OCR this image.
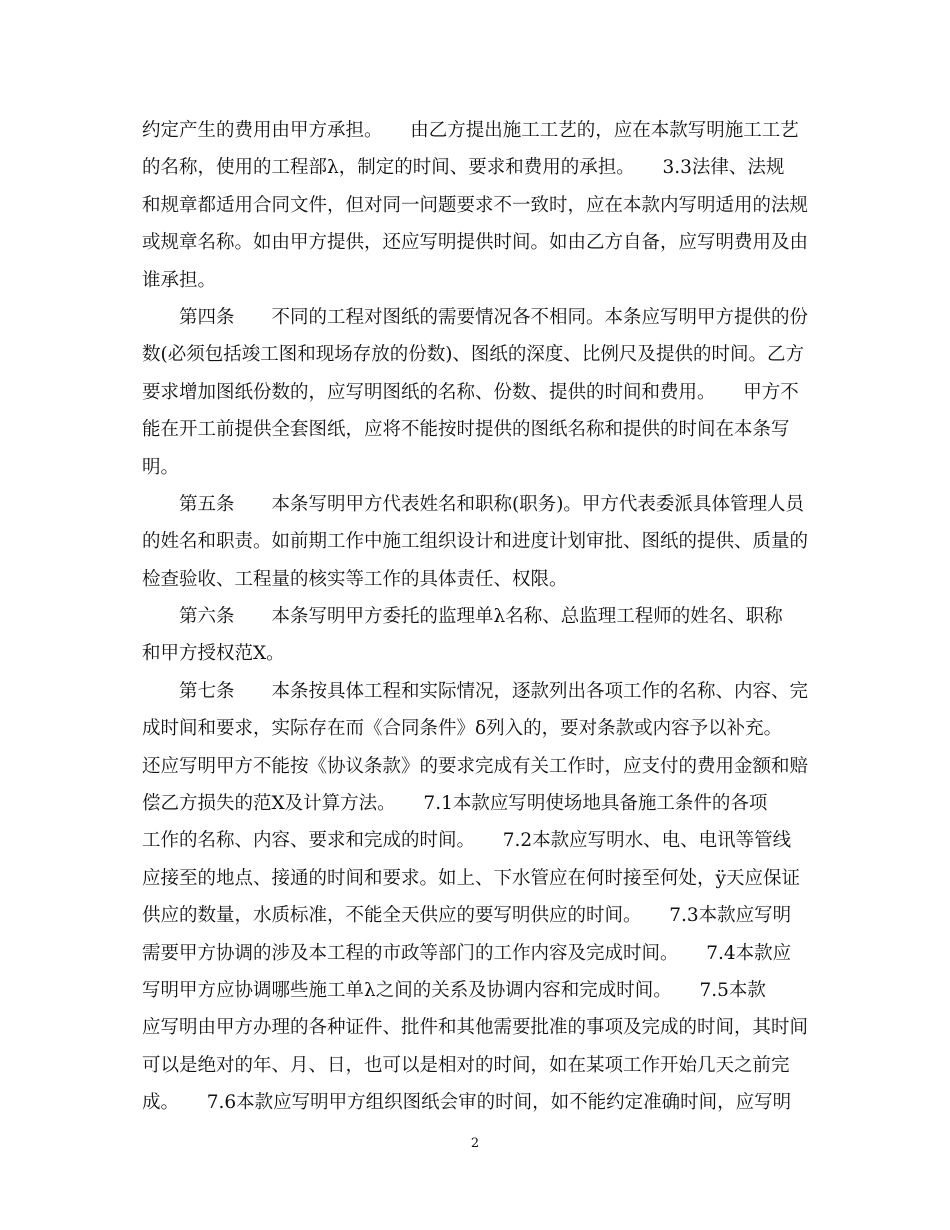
约定产生的费用由甲方承担。　　由乙方提出施工工艺的，应在本款写明施工工艺
的名称，使用的工程部λ，制定的时间、要求和费用的承担。　　3.3法律、法规
和规章都适用合同文件，但对同一问题要求不一致时，应在本款内写明适用的法规
或规章名称。如由甲方提供，还应写明提供时间。如由乙方自备，应写明费用及由
谁承担。
第四条　　不同的工程对图纸的需要情况各不相同。本条应写明甲方提供的份
数(必须包括竣工图和现场存放的份数)、图纸的深度、比例尺及提供的时间。乙方
要求增加图纸份数的，应写明图纸的名称、份数、提供的时间和费用。　　甲方不
能在开工前提供全套图纸，应将不能按时提供的图纸名称和提供的时间在本条写
明。
第五条　　本条写明甲方代表姓名和职称(职务)。甲方代表委派具体管理人员
的姓名和职责。如前期工作中施工组织设计和进度计划审批、图纸的提供、质量的
检查验收、工程量的核实等工作的具体责任、权限。
第六条　　本条写明甲方委托的监理单λ名称、总监理工程师的姓名、职称
和甲方授权范Χ。
第七条　　本条按具体工程和实际情况，逐款列出各项工作的名称、内容、完
成时间和要求，实际存在而《合同条件》δ列入的，要对条款或内容予以补充。
还应写明甲方不能按《协议条款》的要求完成有关工作时，应支付的费用金额和赔
偿乙方损失的范Χ及计算方法。　　7.1本款应写明使场地具备施工条件的各项
工作的名称、内容、要求和完成的时间。　　7.2本款应写明水、电、电讯等管线
应接至的地点、接通的时间和要求。如上、下水管应在何时接至何处，ÿ天应保证
供应的数量，水质标准，不能全天供应的要写明供应的时间。　　7.3本款应写明
需要甲方协调的涉及本工程的市政等部门的工作内容及完成时间。　　7.4本款应
写明甲方应协调哪些施工单λ之间的关系及协调内容和完成时间。　　7.5本款
应写明由甲方办理的各种证件、批件和其他需要批准的事项及完成的时间，其时间
可以是绝对的年、月、日，也可以是相对的时间，如在某项工作开始几天之前完
成。　　7.6本款应写明甲方组织图纸会审的时间，如不能约定准确时间，应写明
2
